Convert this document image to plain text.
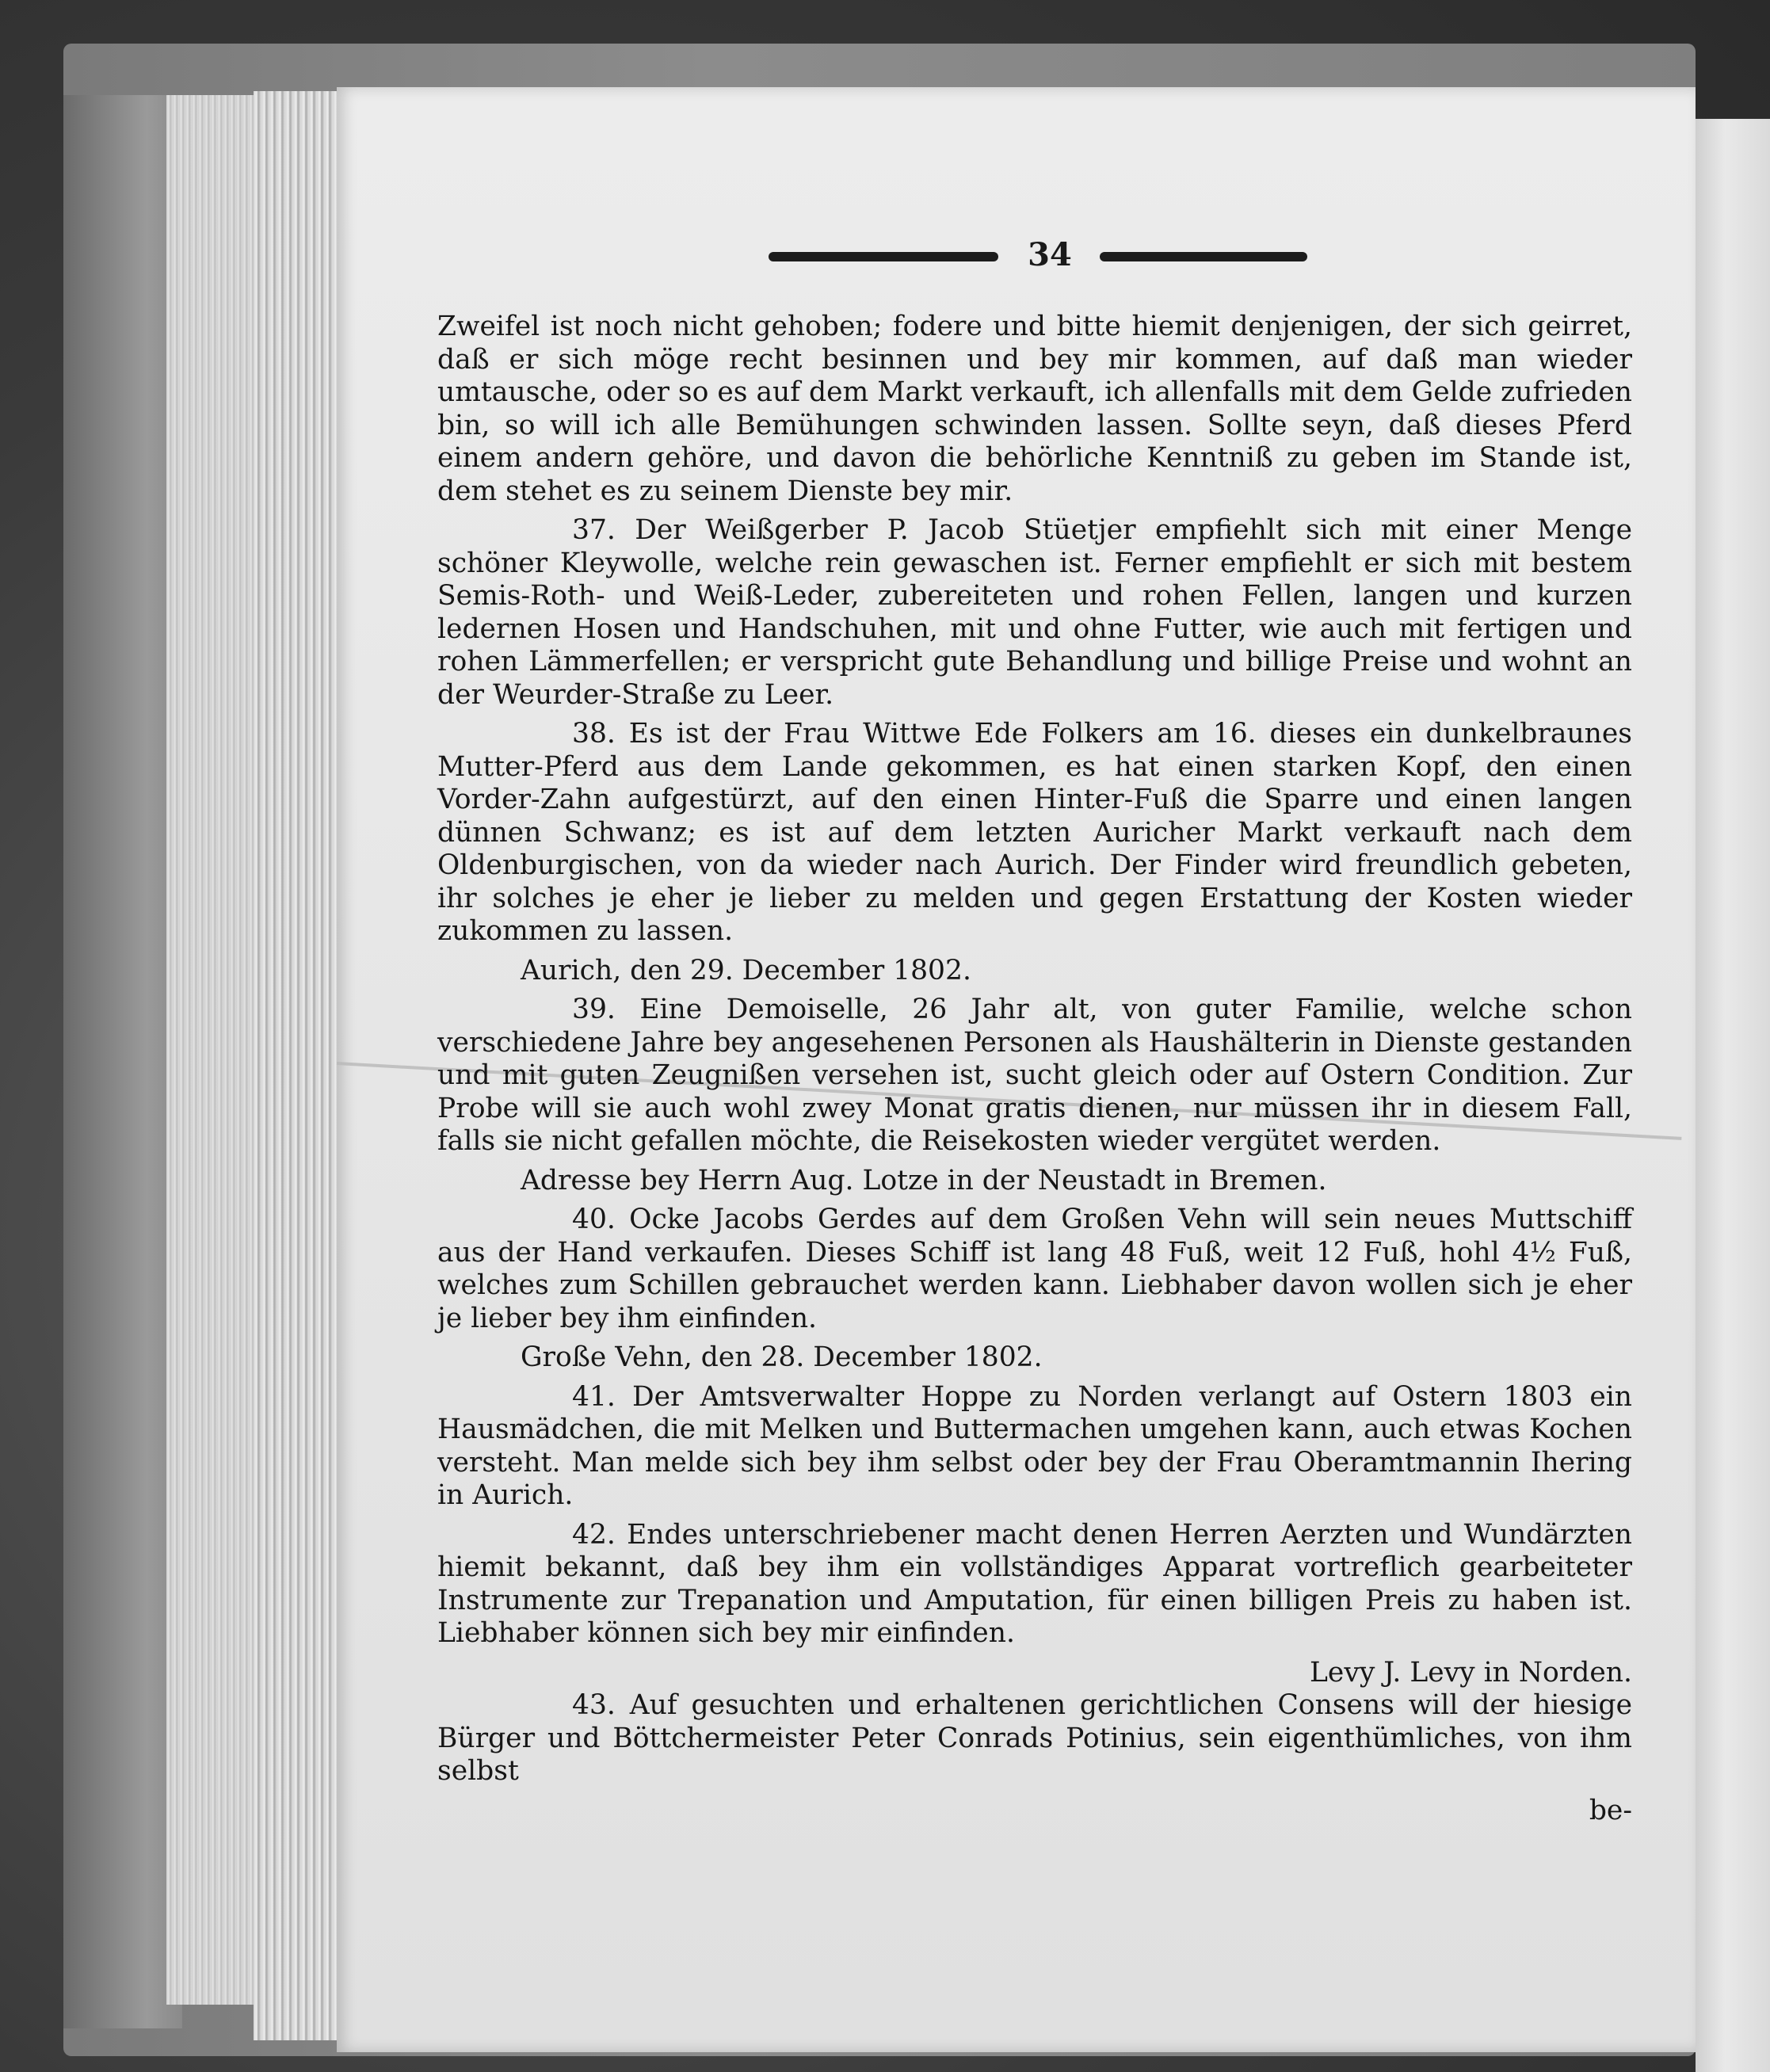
34

Zweifel ist noch nicht gehoben; fodere und bitte hiemit denjenigen, der sich geirret, daß er sich möge recht besinnen und bey mir kommen, auf daß man wieder umtausche, oder so es auf dem Markt verkauft, ich allenfalls mit dem Gelde zufrieden bin, so will ich alle Bemühungen schwinden lassen. Sollte seyn, daß dieses Pferd einem andern gehöre, und davon die behörliche Kenntniß zu geben im Stande ist, dem stehet es zu seinem Dienste bey mir.

37. Der Weißgerber P. Jacob Stüetjer empfiehlt sich mit einer Menge schöner Kleywolle, welche rein gewaschen ist. Ferner empfiehlt er sich mit bestem Semis-Roth- und Weiß-Leder, zubereiteten und rohen Fellen, langen und kurzen ledernen Hosen und Handschuhen, mit und ohne Futter, wie auch mit fertigen und rohen Lämmerfellen; er verspricht gute Behandlung und billige Preise und wohnt an der Weurder-Straße zu Leer.

38. Es ist der Frau Wittwe Ede Folkers am 16. dieses ein dunkelbraunes Mutter-Pferd aus dem Lande gekommen, es hat einen starken Kopf, den einen Vorder-Zahn aufgestürzt, auf den einen Hinter-Fuß die Sparre und einen langen dünnen Schwanz; es ist auf dem letzten Auricher Markt verkauft nach dem Oldenburgischen, von da wieder nach Aurich. Der Finder wird freundlich gebeten, ihr solches je eher je lieber zu melden und gegen Erstattung der Kosten wieder zukommen zu lassen.

Aurich, den 29. December 1802.

39. Eine Demoiselle, 26 Jahr alt, von guter Familie, welche schon verschiedene Jahre bey angesehenen Personen als Haushälterin in Dienste gestanden und mit guten Zeugnißen versehen ist, sucht gleich oder auf Ostern Condition. Zur Probe will sie auch wohl zwey Monat gratis dienen, nur müssen ihr in diesem Fall, falls sie nicht gefallen möchte, die Reisekosten wieder vergütet werden.

Adresse bey Herrn Aug. Lotze in der Neustadt in Bremen.

40. Ocke Jacobs Gerdes auf dem Großen Vehn will sein neues Muttschiff aus der Hand verkaufen. Dieses Schiff ist lang 48 Fuß, weit 12 Fuß, hohl 4½ Fuß, welches zum Schillen gebrauchet werden kann. Liebhaber davon wollen sich je eher je lieber bey ihm einfinden.

Große Vehn, den 28. December 1802.

41. Der Amtsverwalter Hoppe zu Norden verlangt auf Ostern 1803 ein Hausmädchen, die mit Melken und Buttermachen umgehen kann, auch etwas Kochen versteht. Man melde sich bey ihm selbst oder bey der Frau Oberamtmannin Ihering in Aurich.

42. Endes unterschriebener macht denen Herren Aerzten und Wundärzten hiemit bekannt, daß bey ihm ein vollständiges Apparat vortreflich gearbeiteter Instrumente zur Trepanation und Amputation, für einen billigen Preis zu haben ist. Liebhaber können sich bey mir einfinden.

Levy J. Levy in Norden.

43. Auf gesuchten und erhaltenen gerichtlichen Consens will der hiesige Bürger und Böttchermeister Peter Conrads Potinius, sein eigenthümliches, von ihm selbst

be-
